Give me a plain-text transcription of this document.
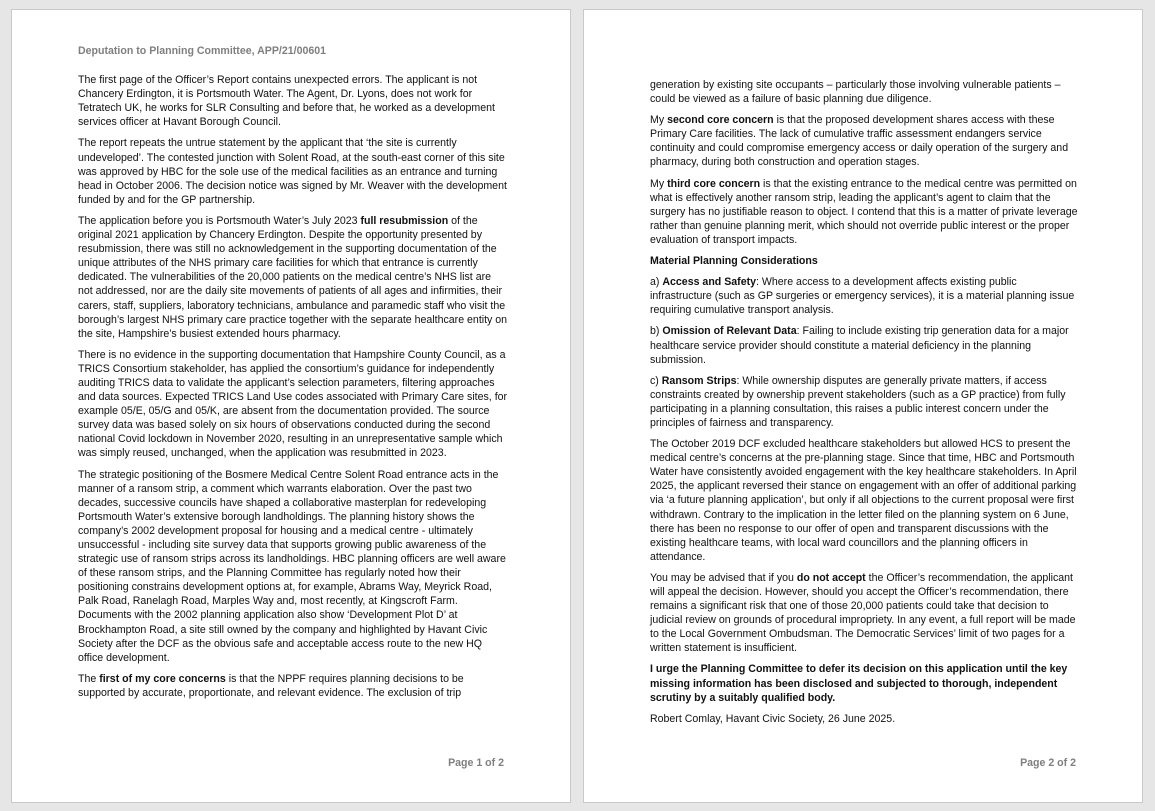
Deputation to Planning Committee, APP/21/00601

The first page of the Officer’s Report contains unexpected errors. The applicant is not Chancery Erdington, it is Portsmouth Water. The Agent, Dr. Lyons, does not work for Tetratech UK, he works for SLR Consulting and before that, he worked as a development services officer at Havant Borough Council.

The report repeats the untrue statement by the applicant that ‘the site is currently undeveloped’. The contested junction with Solent Road, at the south-east corner of this site was approved by HBC for the sole use of the medical facilities as an entrance and turning head in October 2006. The decision notice was signed by Mr. Weaver with the development funded by and for the GP partnership.

The application before you is Portsmouth Water’s July 2023 full resubmission of the original 2021 application by Chancery Erdington. Despite the opportunity presented by resubmission, there was still no acknowledgement in the supporting documentation of the unique attributes of the NHS primary care facilities for which that entrance is currently dedicated. The vulnerabilities of the 20,000 patients on the medical centre’s NHS list are not addressed, nor are the daily site movements of patients of all ages and infirmities, their carers, staff, suppliers, laboratory technicians, ambulance and paramedic staff who visit the borough’s largest NHS primary care practice together with the separate healthcare entity on the site, Hampshire’s busiest extended hours pharmacy.

There is no evidence in the supporting documentation that Hampshire County Council, as a TRICS Consortium stakeholder, has applied the consortium’s guidance for independently auditing TRICS data to validate the applicant’s selection parameters, filtering approaches and data sources. Expected TRICS Land Use codes associated with Primary Care sites, for example 05/E, 05/G and 05/K, are absent from the documentation provided. The source survey data was based solely on six hours of observations conducted during the second national Covid lockdown in November 2020, resulting in an unrepresentative sample which was simply reused, unchanged, when the application was resubmitted in 2023.

The strategic positioning of the Bosmere Medical Centre Solent Road entrance acts in the manner of a ransom strip, a comment which warrants elaboration. Over the past two decades, successive councils have shaped a collaborative masterplan for redeveloping Portsmouth Water’s extensive borough landholdings. The planning history shows the company’s 2002 development proposal for housing and a medical centre - ultimately unsuccessful - including site survey data that supports growing public awareness of the strategic use of ransom strips across its landholdings. HBC planning officers are well aware of these ransom strips, and the Planning Committee has regularly noted how their positioning constrains development options at, for example, Abrams Way, Meyrick Road, Palk Road, Ranelagh Road, Marples Way and, most recently, at Kingscroft Farm. Documents with the 2002 planning application also show ‘Development Plot D’ at Brockhampton Road, a site still owned by the company and highlighted by Havant Civic Society after the DCF as the obvious safe and acceptable access route to the new HQ office development.

The first of my core concerns is that the NPPF requires planning decisions to be supported by accurate, proportionate, and relevant evidence. The exclusion of trip

Page 1 of 2

generation by existing site occupants – particularly those involving vulnerable patients – could be viewed as a failure of basic planning due diligence.

My second core concern is that the proposed development shares access with these Primary Care facilities. The lack of cumulative traffic assessment endangers service continuity and could compromise emergency access or daily operation of the surgery and pharmacy, during both construction and operation stages.

My third core concern is that the existing entrance to the medical centre was permitted on what is effectively another ransom strip, leading the applicant’s agent to claim that the surgery has no justifiable reason to object. I contend that this is a matter of private leverage rather than genuine planning merit, which should not override public interest or the proper evaluation of transport impacts.

Material Planning Considerations

a) Access and Safety: Where access to a development affects existing public infrastructure (such as GP surgeries or emergency services), it is a material planning issue requiring cumulative transport analysis.

b) Omission of Relevant Data: Failing to include existing trip generation data for a major healthcare service provider should constitute a material deficiency in the planning submission.

c) Ransom Strips: While ownership disputes are generally private matters, if access constraints created by ownership prevent stakeholders (such as a GP practice) from fully participating in a planning consultation, this raises a public interest concern under the principles of fairness and transparency.

The October 2019 DCF excluded healthcare stakeholders but allowed HCS to present the medical centre’s concerns at the pre-planning stage. Since that time, HBC and Portsmouth Water have consistently avoided engagement with the key healthcare stakeholders. In April 2025, the applicant reversed their stance on engagement with an offer of additional parking via ‘a future planning application’, but only if all objections to the current proposal were first withdrawn. Contrary to the implication in the letter filed on the planning system on 6 June, there has been no response to our offer of open and transparent discussions with the existing healthcare teams, with local ward councillors and the planning officers in attendance.

You may be advised that if you do not accept the Officer’s recommendation, the applicant will appeal the decision. However, should you accept the Officer’s recommendation, there remains a significant risk that one of those 20,000 patients could take that decision to judicial review on grounds of procedural impropriety. In any event, a full report will be made to the Local Government Ombudsman. The Democratic Services’ limit of two pages for a written statement is insufficient.

I urge the Planning Committee to defer its decision on this application until the key missing information has been disclosed and subjected to thorough, independent scrutiny by a suitably qualified body.

Robert Comlay, Havant Civic Society, 26 June 2025.

Page 2 of 2
